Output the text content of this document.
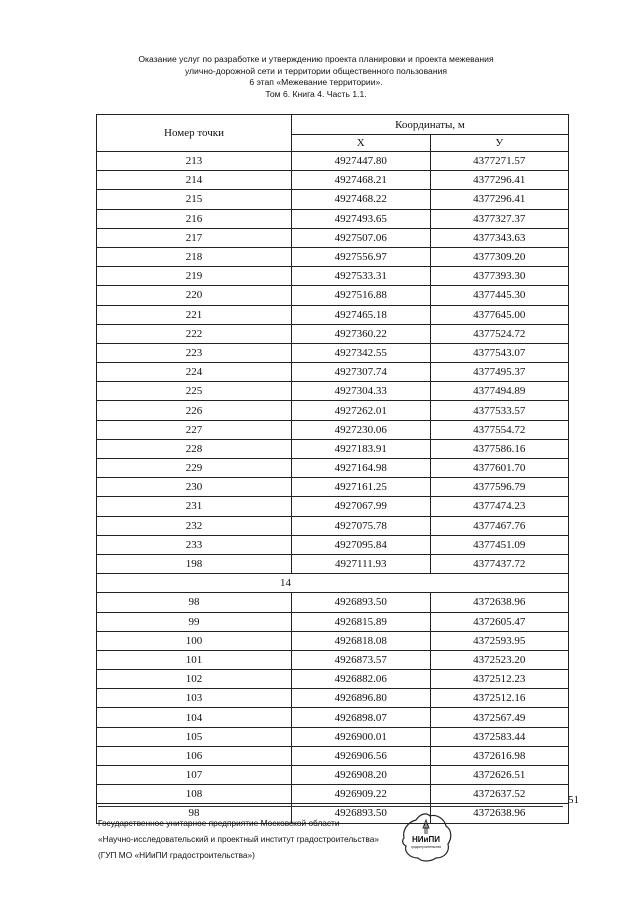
Оказание услуг по разработке и утверждению проекта планировки и проекта межевания
улично-дорожной сети и территории общественного пользования
6 этап «Межевание территории».
Том 6. Книга 4. Часть 1.1.
Номер точки	Координаты, м	
	X	У
213	4927447.80	4377271.57
214	4927468.21	4377296.41
215	4927468.22	4377296.41
216	4927493.65	4377327.37
217	4927507.06	4377343.63
218	4927556.97	4377309.20
219	4927533.31	4377393.30
220	4927516.88	4377445.30
221	4927465.18	4377645.00
222	4927360.22	4377524.72
223	4927342.55	4377543.07
224	4927307.74	4377495.37
225	4927304.33	4377494.89
226	4927262.01	4377533.57
227	4927230.06	4377554.72
228	4927183.91	4377586.16
229	4927164.98	4377601.70
230	4927161.25	4377596.79
231	4927067.99	4377474.23
232	4927075.78	4377467.76
233	4927095.84	4377451.09
198	4927111.93	4377437.72
14		
98	4926893.50	4372638.96
99	4926815.89	4372605.47
100	4926818.08	4372593.95
101	4926873.57	4372523.20
102	4926882.06	4372512.23
103	4926896.80	4372512.16
104	4926898.07	4372567.49
105	4926900.01	4372583.44
106	4926906.56	4372616.98
107	4926908.20	4372626.51
108	4926909.22	4372637.52
98	4926893.50	4372638.96
51
Государственное унитарное предприятие Московской области
«Научно-исследовательский и проектный институт градостроительства»
(ГУП МО «НИиПИ градостроительства»)
НИиПИ
градостроительства
